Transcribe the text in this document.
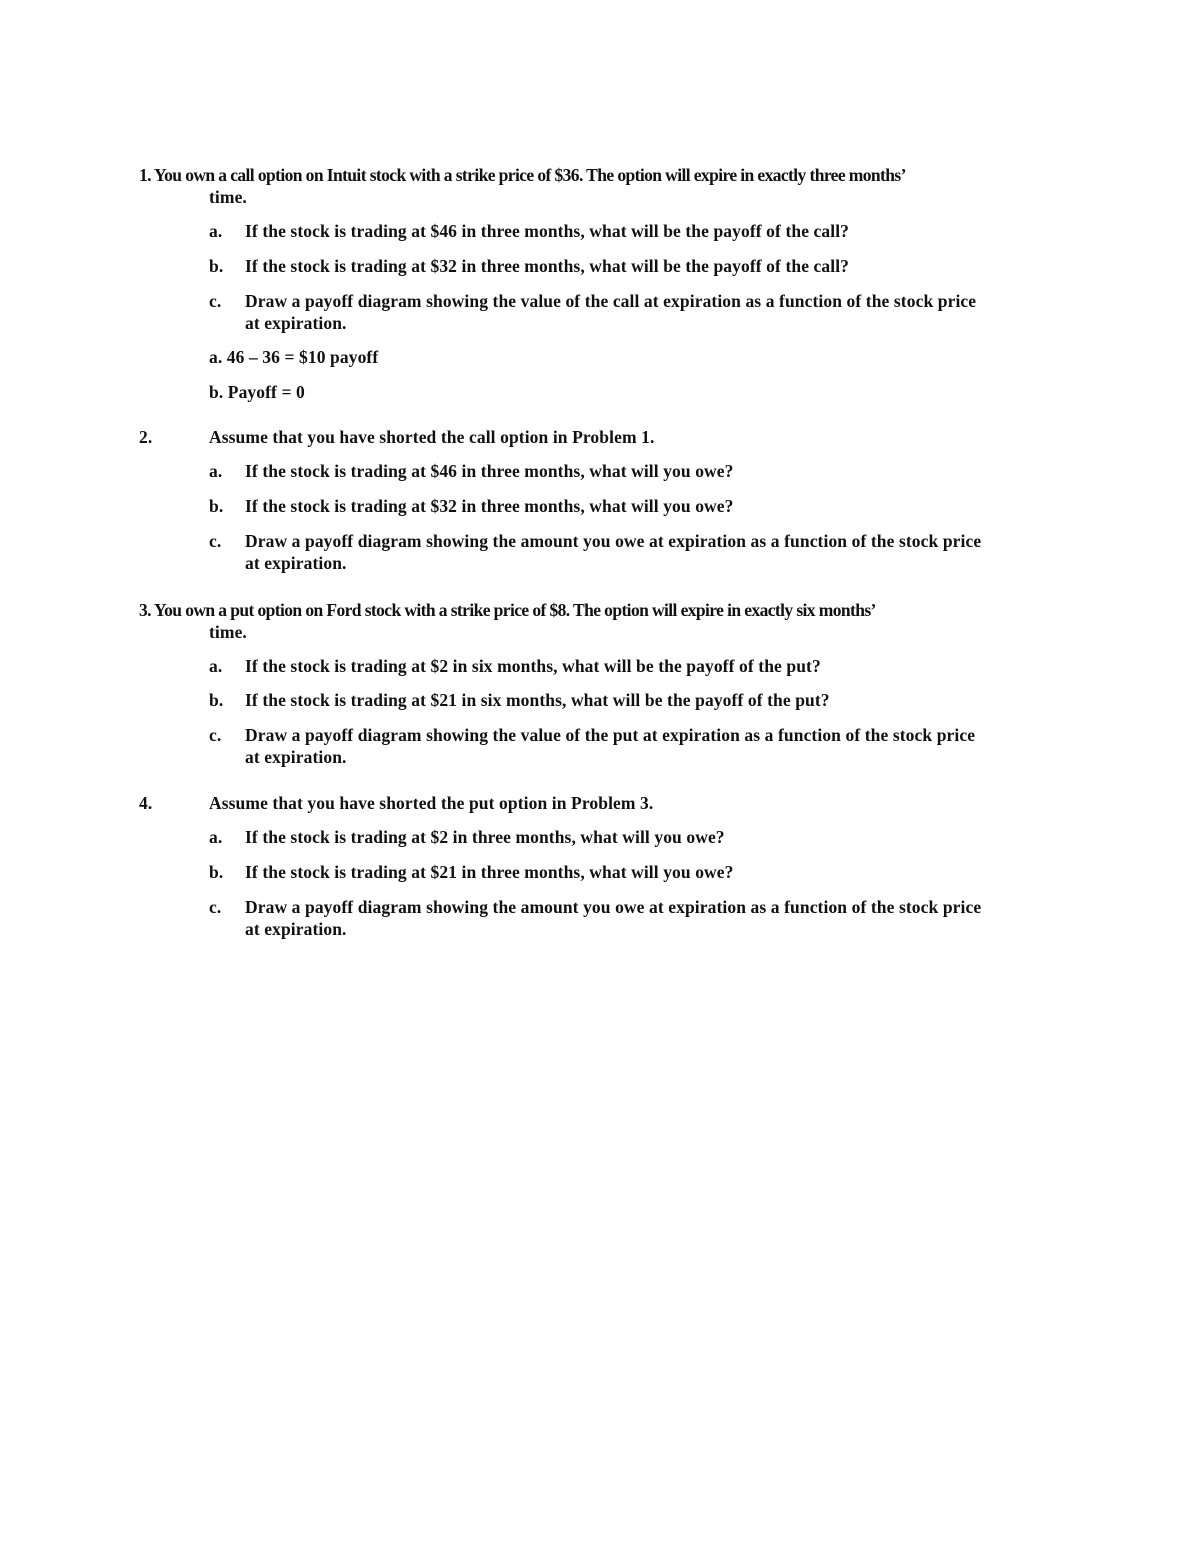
1. You own a call option on Intuit stock with a strike price of $36. The option will expire in exactly three months’
time.
a. If the stock is trading at $46 in three months, what will be the payoff of the call?
b. If the stock is trading at $32 in three months, what will be the payoff of the call?
c. Draw a payoff diagram showing the value of the call at expiration as a function of the stock price
at expiration.
a. 46 – 36 = $10 payoff
b. Payoff = 0
2.	Assume that you have shorted the call option in Problem 1.
a. If the stock is trading at $46 in three months, what will you owe?
b. If the stock is trading at $32 in three months, what will you owe?
c. Draw a payoff diagram showing the amount you owe at expiration as a function of the stock price
at expiration.
3. You own a put option on Ford stock with a strike price of $8. The option will expire in exactly six months’
time.
a. If the stock is trading at $2 in six months, what will be the payoff of the put?
b. If the stock is trading at $21 in six months, what will be the payoff of the put?
c. Draw a payoff diagram showing the value of the put at expiration as a function of the stock price
at expiration.
4.	Assume that you have shorted the put option in Problem 3.
a. If the stock is trading at $2 in three months, what will you owe?
b. If the stock is trading at $21 in three months, what will you owe?
c. Draw a payoff diagram showing the amount you owe at expiration as a function of the stock price
at expiration.
